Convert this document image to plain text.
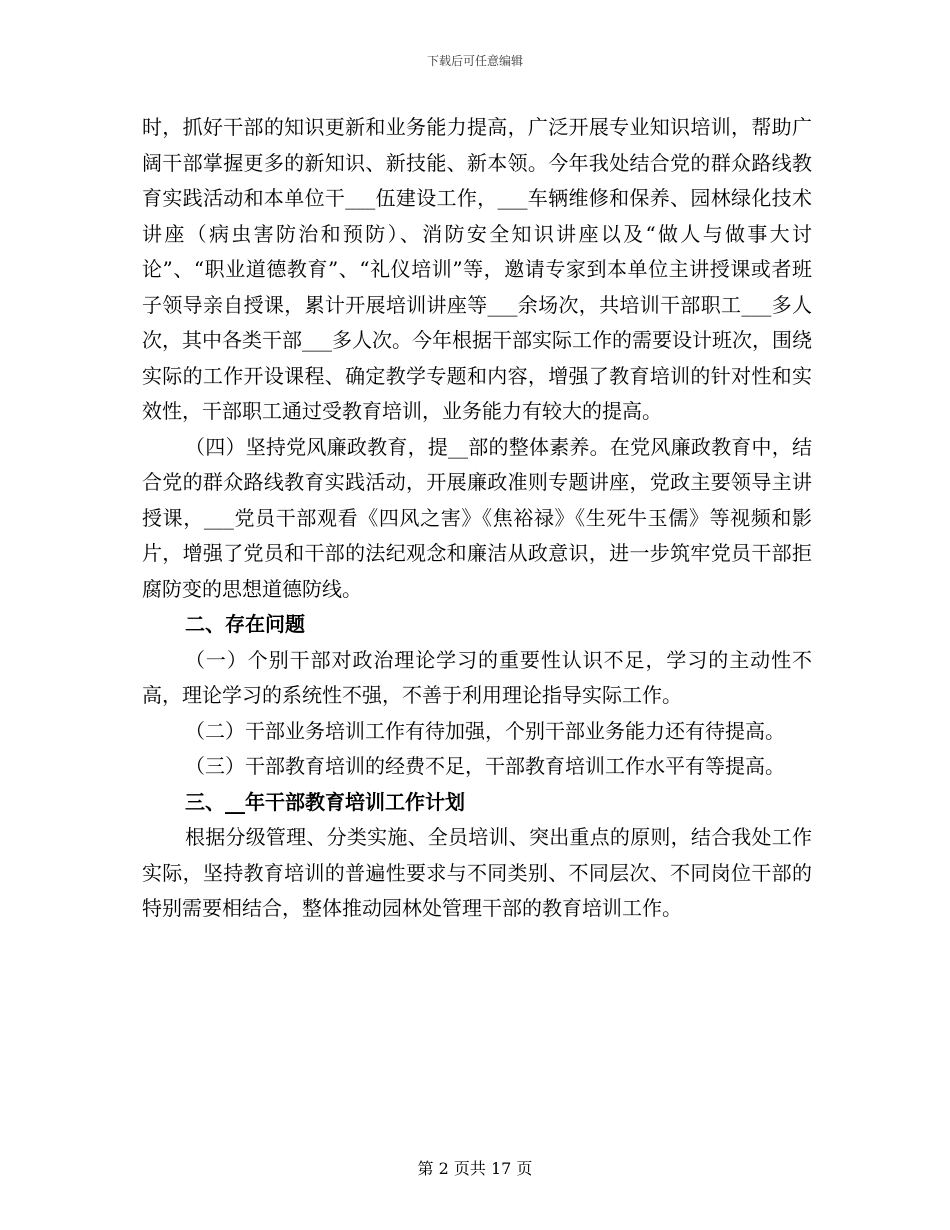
下载后可任意编辑

时，抓好干部的知识更新和业务能力提高，广泛开展专业知识培训，帮助广阔干部掌握更多的新知识、新技能、新本领。今年我处结合党的群众路线教育实践活动和本单位干___伍建设工作，___车辆维修和保养、园林绿化技术讲座（病虫害防治和预防）、消防安全知识讲座以及“做人与做事大讨论”、“职业道德教育”、“礼仪培训”等，邀请专家到本单位主讲授课或者班子领导亲自授课，累计开展培训讲座等___余场次，共培训干部职工___多人次，其中各类干部___多人次。今年根据干部实际工作的需要设计班次，围绕实际的工作开设课程、确定教学专题和内容，增强了教育培训的针对性和实效性，干部职工通过受教育培训，业务能力有较大的提高。

（四）坚持党风廉政教育，提__部的整体素养。在党风廉政教育中，结合党的群众路线教育实践活动，开展廉政准则专题讲座，党政主要领导主讲授课，___党员干部观看《四风之害》《焦裕禄》《生死牛玉儒》等视频和影片，增强了党员和干部的法纪观念和廉洁从政意识，进一步筑牢党员干部拒腐防变的思想道德防线。

二、存在问题

（一）个别干部对政治理论学习的重要性认识不足，学习的主动性不高，理论学习的系统性不强，不善于利用理论指导实际工作。

（二）干部业务培训工作有待加强，个别干部业务能力还有待提高。

（三）干部教育培训的经费不足，干部教育培训工作水平有等提高。

三、__年干部教育培训工作计划

根据分级管理、分类实施、全员培训、突出重点的原则，结合我处工作实际，坚持教育培训的普遍性要求与不同类别、不同层次、不同岗位干部的特别需要相结合，整体推动园林处管理干部的教育培训工作。

第 2 页共 17 页
